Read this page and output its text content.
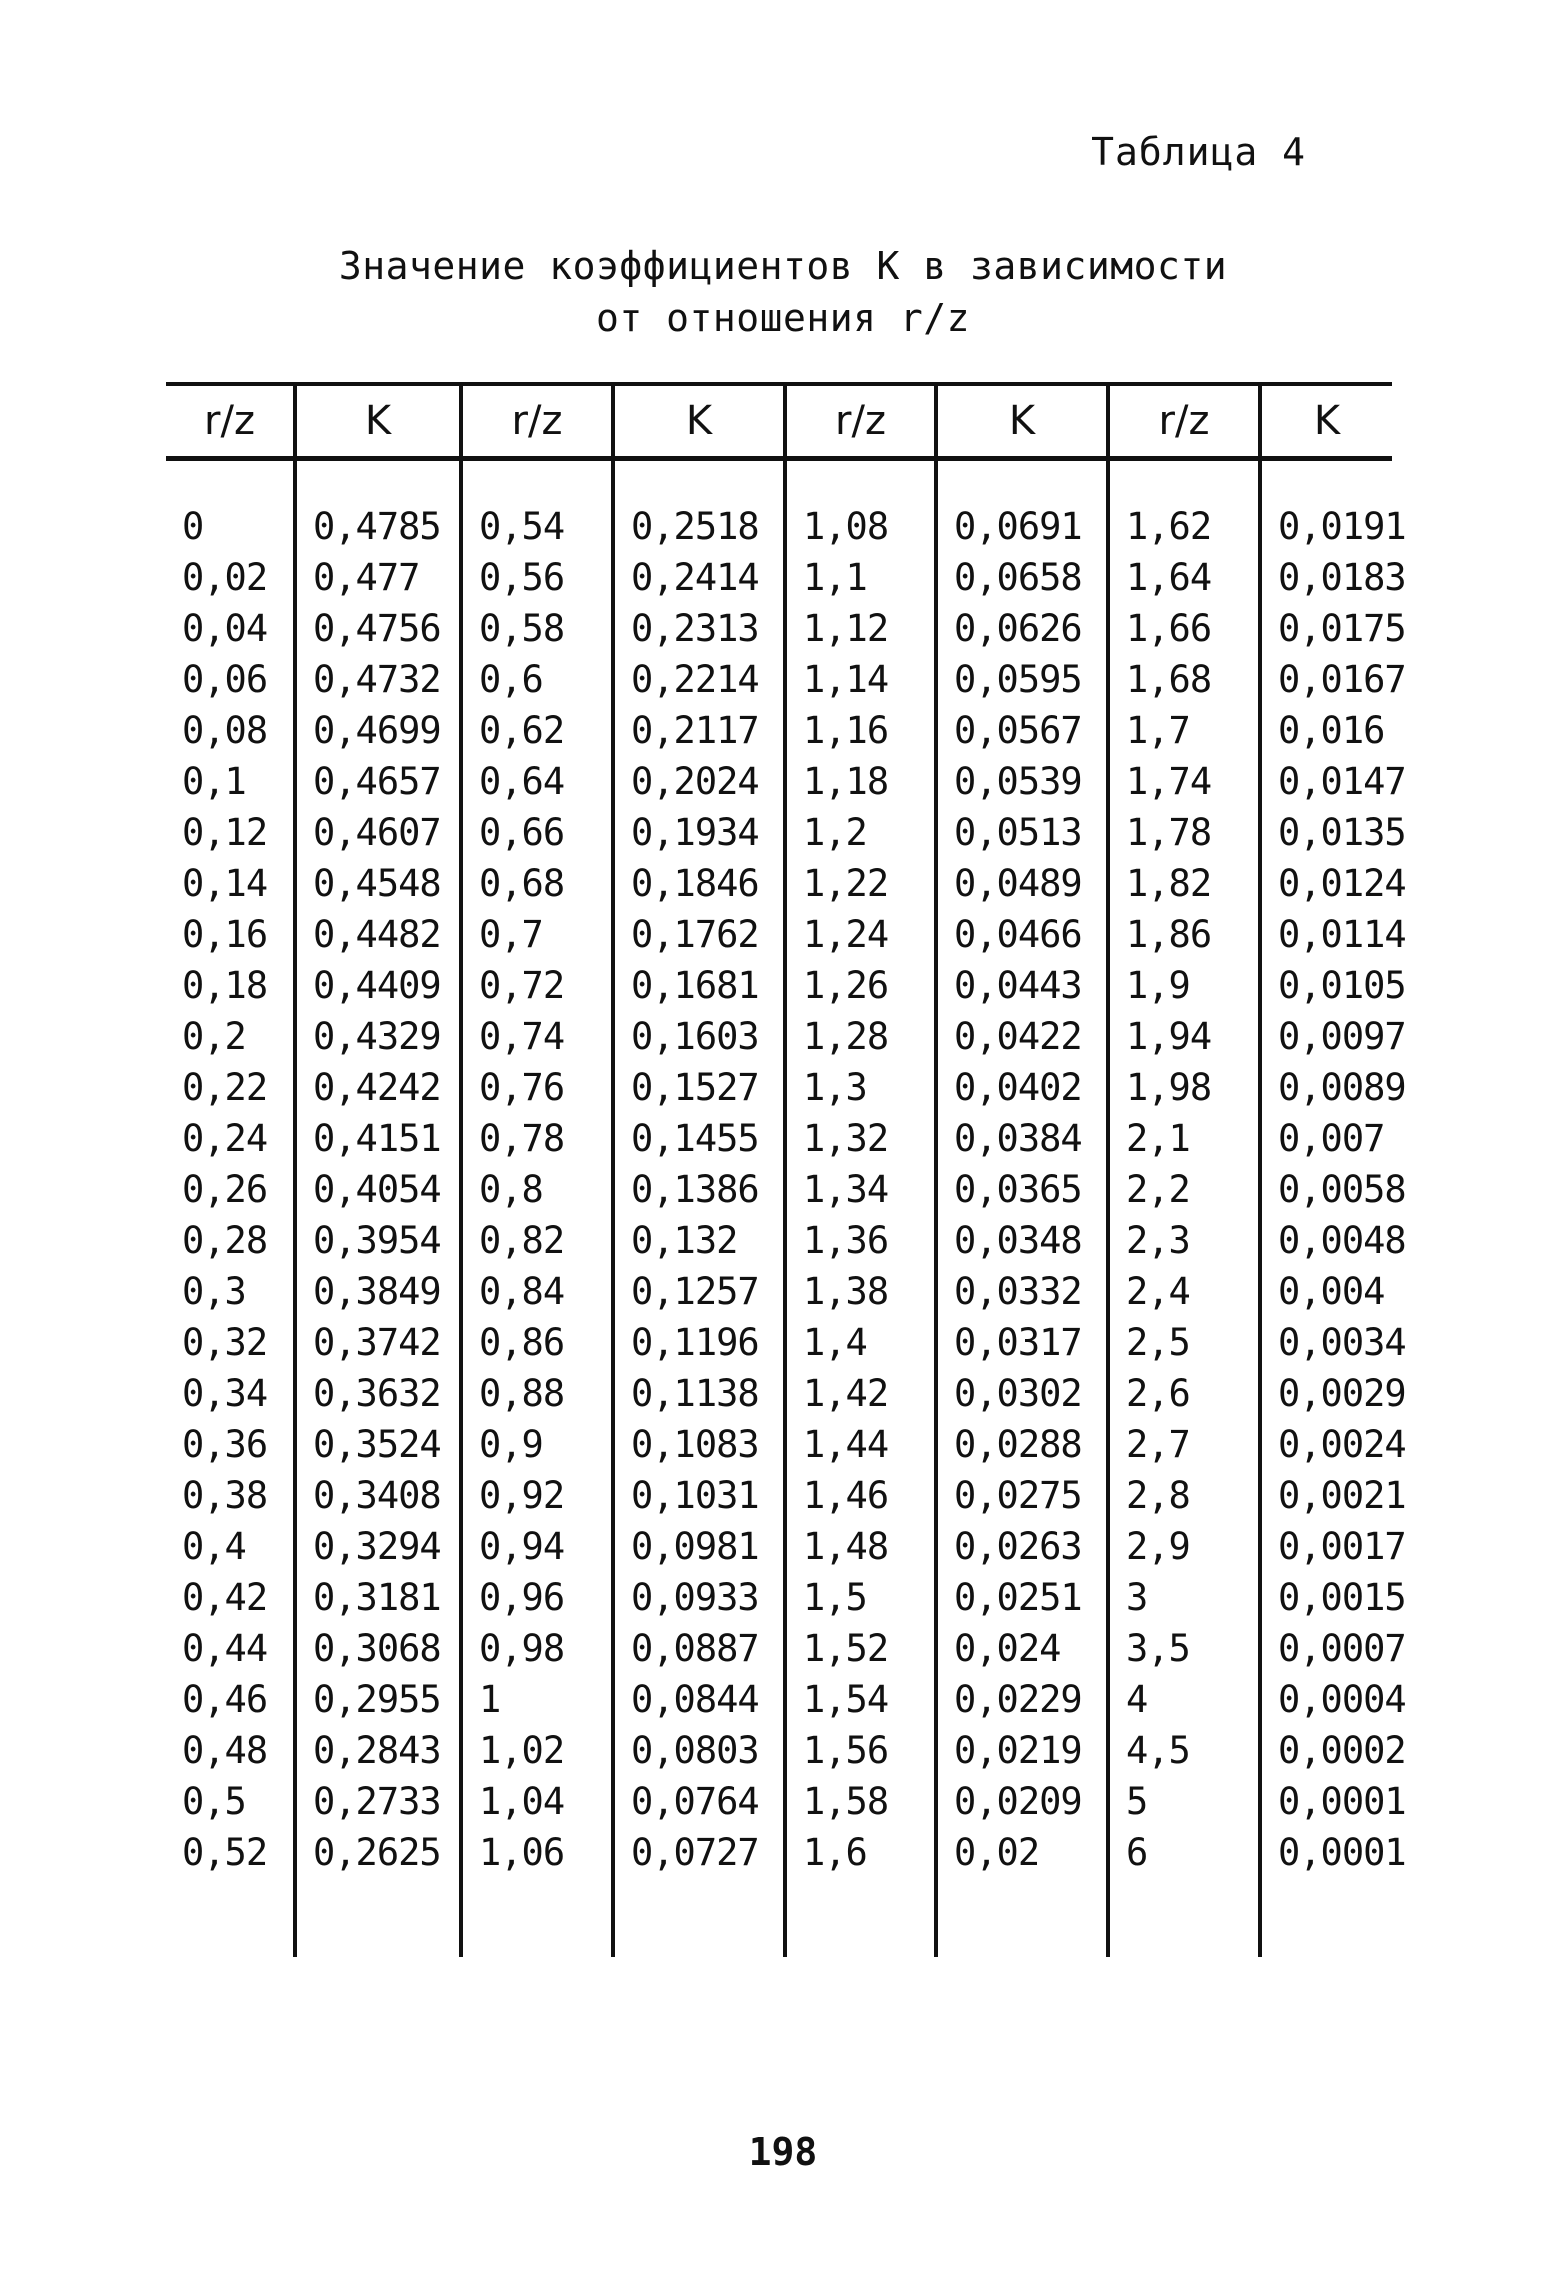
Таблица 4
Значение коэффициентов К в зависимости
от отношения r/z
r/z	K	r/z	K	r/z	K	r/z	K
0	0,4785	0,54	0,2518	1,08	0,0691	1,62	0,0191
0,02	0,477	0,56	0,2414	1,1	0,0658	1,64	0,0183
0,04	0,4756	0,58	0,2313	1,12	0,0626	1,66	0,0175
0,06	0,4732	0,6	0,2214	1,14	0,0595	1,68	0,0167
0,08	0,4699	0,62	0,2117	1,16	0,0567	1,7	0,016
0,1	0,4657	0,64	0,2024	1,18	0,0539	1,74	0,0147
0,12	0,4607	0,66	0,1934	1,2	0,0513	1,78	0,0135
0,14	0,4548	0,68	0,1846	1,22	0,0489	1,82	0,0124
0,16	0,4482	0,7	0,1762	1,24	0,0466	1,86	0,0114
0,18	0,4409	0,72	0,1681	1,26	0,0443	1,9	0,0105
0,2	0,4329	0,74	0,1603	1,28	0,0422	1,94	0,0097
0,22	0,4242	0,76	0,1527	1,3	0,0402	1,98	0,0089
0,24	0,4151	0,78	0,1455	1,32	0,0384	2,1	0,007
0,26	0,4054	0,8	0,1386	1,34	0,0365	2,2	0,0058
0,28	0,3954	0,82	0,132	1,36	0,0348	2,3	0,0048
0,3	0,3849	0,84	0,1257	1,38	0,0332	2,4	0,004
0,32	0,3742	0,86	0,1196	1,4	0,0317	2,5	0,0034
0,34	0,3632	0,88	0,1138	1,42	0,0302	2,6	0,0029
0,36	0,3524	0,9	0,1083	1,44	0,0288	2,7	0,0024
0,38	0,3408	0,92	0,1031	1,46	0,0275	2,8	0,0021
0,4	0,3294	0,94	0,0981	1,48	0,0263	2,9	0,0017
0,42	0,3181	0,96	0,0933	1,5	0,0251	3	0,0015
0,44	0,3068	0,98	0,0887	1,52	0,024	3,5	0,0007
0,46	0,2955	1	0,0844	1,54	0,0229	4	0,0004
0,48	0,2843	1,02	0,0803	1,56	0,0219	4,5	0,0002
0,5	0,2733	1,04	0,0764	1,58	0,0209	5	0,0001
0,52	0,2625	1,06	0,0727	1,6	0,02	6	0,0001

198
